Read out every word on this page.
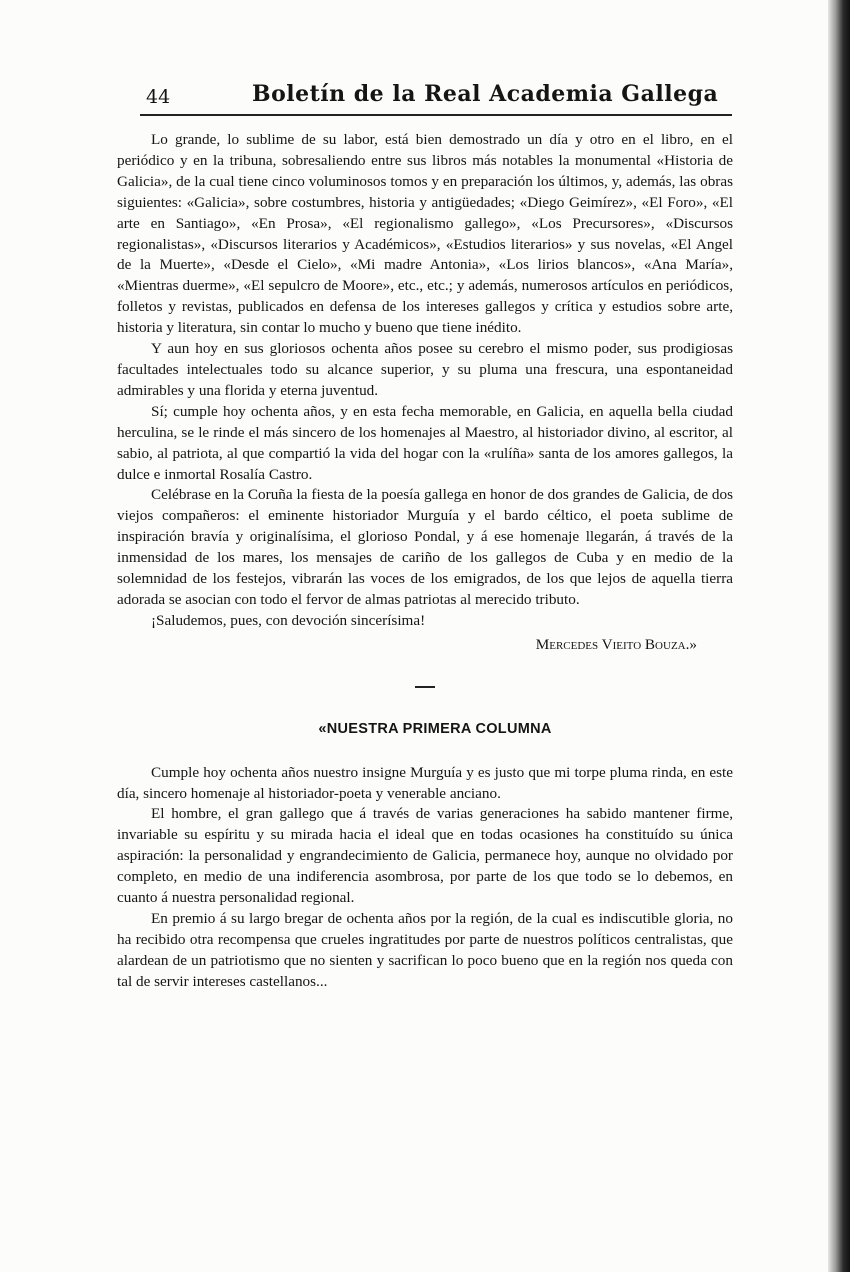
44	Boletín de la Real Academia Gallega

Lo grande, lo sublime de su labor, está bien demostrado un día y otro en el libro, en el periódico y en la tribuna, sobresaliendo entre sus libros más notables la monumental «Historia de Galicia», de la cual tiene cinco voluminosos tomos y en preparación los últimos, y, además, las obras siguientes: «Galicia», sobre costumbres, historia y antigüedades; «Diego Geimírez», «El Foro», «El arte en Santiago», «En Prosa», «El regionalismo gallego», «Los Precursores», «Discursos regionalistas», «Discursos literarios y Académicos», «Estudios literarios» y sus novelas, «El Angel de la Muerte», «Desde el Cielo», «Mi madre Antonia», «Los lirios blancos», «Ana María», «Mientras duerme», «El sepulcro de Moore», etc., etc.; y además, numerosos artículos en periódicos, folletos y revistas, publicados en defensa de los intereses gallegos y crítica y estudios sobre arte, historia y literatura, sin contar lo mucho y bueno que tiene inédito.

Y aun hoy en sus gloriosos ochenta años posee su cerebro el mismo poder, sus prodigiosas facultades intelectuales todo su alcance superior, y su pluma una frescura, una espontaneidad admirables y una florida y eterna juventud.

Sí; cumple hoy ochenta años, y en esta fecha memorable, en Galicia, en aquella bella ciudad herculina, se le rinde el más sincero de los homenajes al Maestro, al historiador divino, al escritor, al sabio, al patriota, al que compartió la vida del hogar con la «rulíña» santa de los amores gallegos, la dulce e inmortal Rosalía Castro.

Celébrase en la Coruña la fiesta de la poesía gallega en honor de dos grandes de Galicia, de dos viejos compañeros: el eminente historiador Murguía y el bardo céltico, el poeta sublime de inspiración bravía y originalísima, el glorioso Pondal, y á ese homenaje llegarán, á través de la inmensidad de los mares, los mensajes de cariño de los gallegos de Cuba y en medio de la solemnidad de los festejos, vibrarán las voces de los emigrados, de los que lejos de aquella tierra adorada se asocian con todo el fervor de almas patriotas al merecido tributo.

¡Saludemos, pues, con devoción sincerísima!

Mercedes Vieito Bouza.»

«NUESTRA PRIMERA COLUMNA

Cumple hoy ochenta años nuestro insigne Murguía y es justo que mi torpe pluma rinda, en este día, sincero homenaje al historiador-poeta y venerable anciano.

El hombre, el gran gallego que á través de varias generaciones ha sabido mantener firme, invariable su espíritu y su mirada hacia el ideal que en todas ocasiones ha constituído su única aspiración: la personalidad y engrandecimiento de Galicia, permanece hoy, aunque no olvidado por completo, en medio de una indiferencia asombrosa, por parte de los que todo se lo debemos, en cuanto á nuestra personalidad regional.

En premio á su largo bregar de ochenta años por la región, de la cual es indiscutible gloria, no ha recibido otra recompensa que crueles ingratitudes por parte de nuestros políticos centralistas, que alardean de un patriotismo que no sienten y sacrifican lo poco bueno que en la región nos queda con tal de servir intereses castellanos...
